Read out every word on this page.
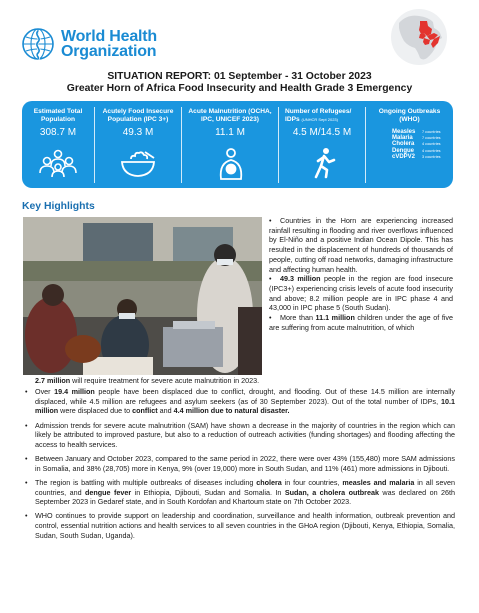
World Health
Organization
SITUATION REPORT: 01 September - 31 October 2023
Greater Horn of Africa Food Insecurity and Health Grade 3 Emergency
Estimated Total
Population
308.7 M
Acutely Food Insecure
Population (IPC 3+)
49.3 M
Acute Malnutrition (OCHA,
IPC, UNICEF 2023)
11.1 M
Number of Refugees/
IDPs (UNHCR Sept 2023)
4.5 M/14.5 M
Ongoing Outbreaks
(WHO)
Measles	7 countries
Malaria	7 countries
Cholera	4 countries
Dengue	4 countries
cVDPV2	3 countries
Key Highlights

• Countries in the Horn are experiencing increased rainfall resulting in flooding and river overflows influenced by El-Niño and a positive Indian Ocean Dipole. This has resulted in the displacement of hundreds of thousands of people, cutting off road networks, damaging infrastructure and affecting human health.

• 49.3 million people in the region are food insecure (IPC3+) experiencing crisis levels of acute food insecurity and above; 8.2 million people are in IPC phase 4 and 43,000 in IPC phase 5 (South Sudan).

• More than 11.1 million children under the age of five are suffering from acute malnutrition, of which

2.7 million will require treatment for severe acute malnutrition in 2023.
• Over 19.4 million people have been displaced due to conflict, drought, and flooding. Out of these 14.5 million are internally displaced, while 4.5 million are refugees and asylum seekers (as of 30 September 2023). Out of the total number of IDPs, 10.1 million were displaced due to conflict and 4.4 million due to natural disaster.
• Admission trends for severe acute malnutrition (SAM) have shown a decrease in the majority of countries in the region which can likely be attributed to improved pasture, but also to a reduction of outreach activities (funding shortages) and flooding affecting the access to health services.
• Between January and October 2023, compared to the same period in 2022, there were over 43% (155,480) more SAM admissions in Somalia, and 38% (28,705) more in Kenya, 9% (over 19,000) more in South Sudan, and 11% (461) more admissions in Djibouti.
• The region is battling with multiple outbreaks of diseases including cholera in four countries, measles and malaria in all seven countries, and dengue fever in Ethiopia, Djibouti, Sudan and Somalia. In Sudan, a cholera outbreak was declared on 26th September 2023 in Gedaref state, and in South Kordofan and Khartoum state on 7th October 2023.
• WHO continues to provide support on leadership and coordination, surveillance and health information, outbreak prevention and control, essential nutrition actions and health services to all seven countries in the GHoA region (Djibouti, Kenya, Ethiopia, Somalia, Sudan, South Sudan, Uganda).
